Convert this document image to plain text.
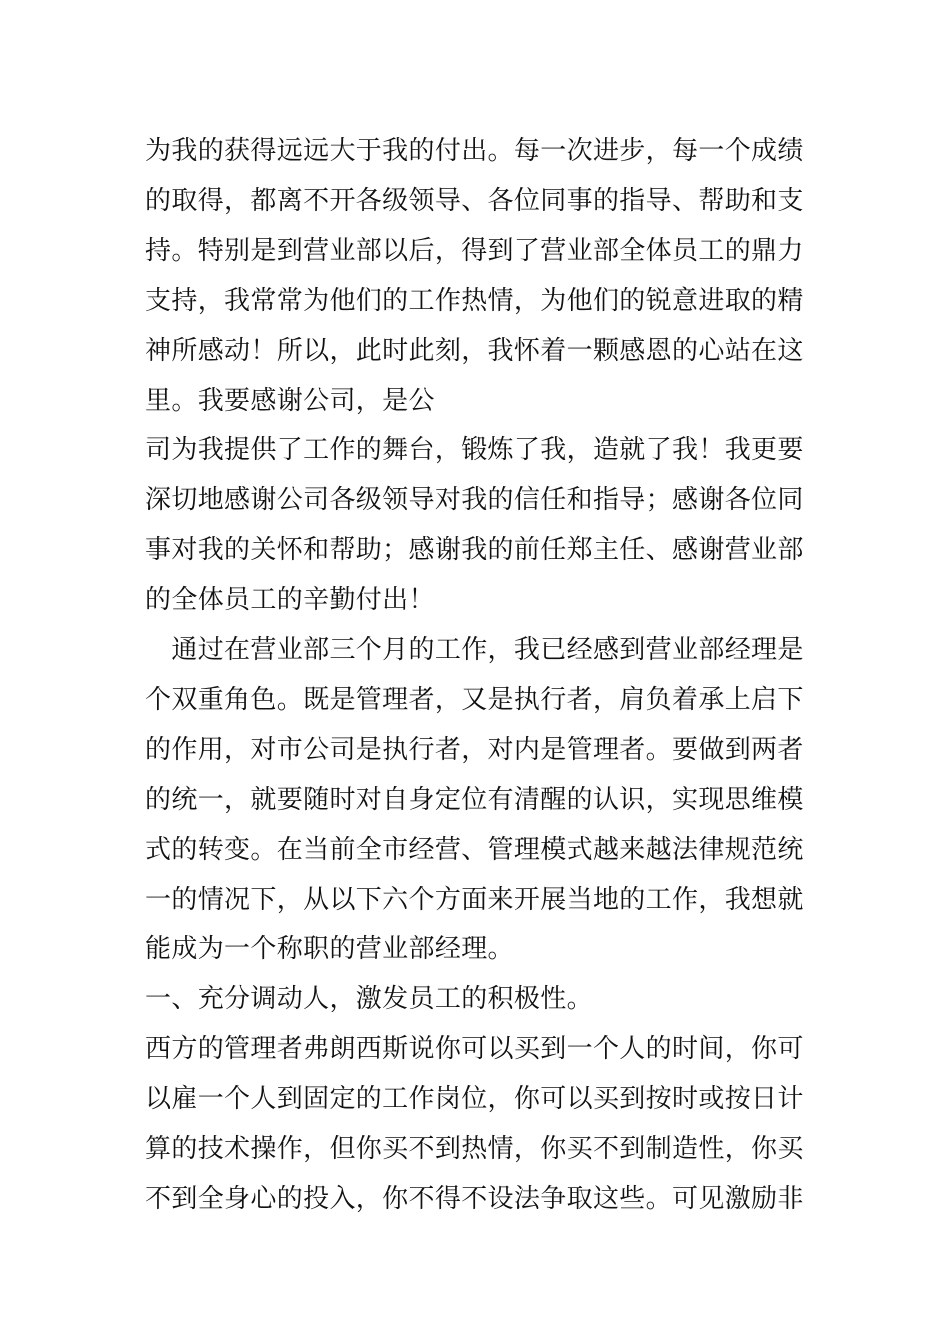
为我的获得远远大于我的付出。每一次进步，每一个成绩
的取得，都离不开各级领导、各位同事的指导、帮助和支
持。特别是到营业部以后，得到了营业部全体员工的鼎力
支持，我常常为他们的工作热情，为他们的锐意进取的精
神所感动！所以，此时此刻，我怀着一颗感恩的心站在这
里。我要感谢公司，是公
司为我提供了工作的舞台，锻炼了我，造就了我！我更要
深切地感谢公司各级领导对我的信任和指导；感谢各位同
事对我的关怀和帮助；感谢我的前任郑主任、感谢营业部
的全体员工的辛勤付出！
　通过在营业部三个月的工作，我已经感到营业部经理是
个双重角色。既是管理者，又是执行者，肩负着承上启下
的作用，对市公司是执行者，对内是管理者。要做到两者
的统一，就要随时对自身定位有清醒的认识，实现思维模
式的转变。在当前全市经营、管理模式越来越法律规范统
一的情况下，从以下六个方面来开展当地的工作，我想就
能成为一个称职的营业部经理。
一、充分调动人，激发员工的积极性。
西方的管理者弗朗西斯说你可以买到一个人的时间，你可
以雇一个人到固定的工作岗位，你可以买到按时或按日计
算的技术操作，但你买不到热情，你买不到制造性，你买
不到全身心的投入，你不得不设法争取这些。可见激励非
